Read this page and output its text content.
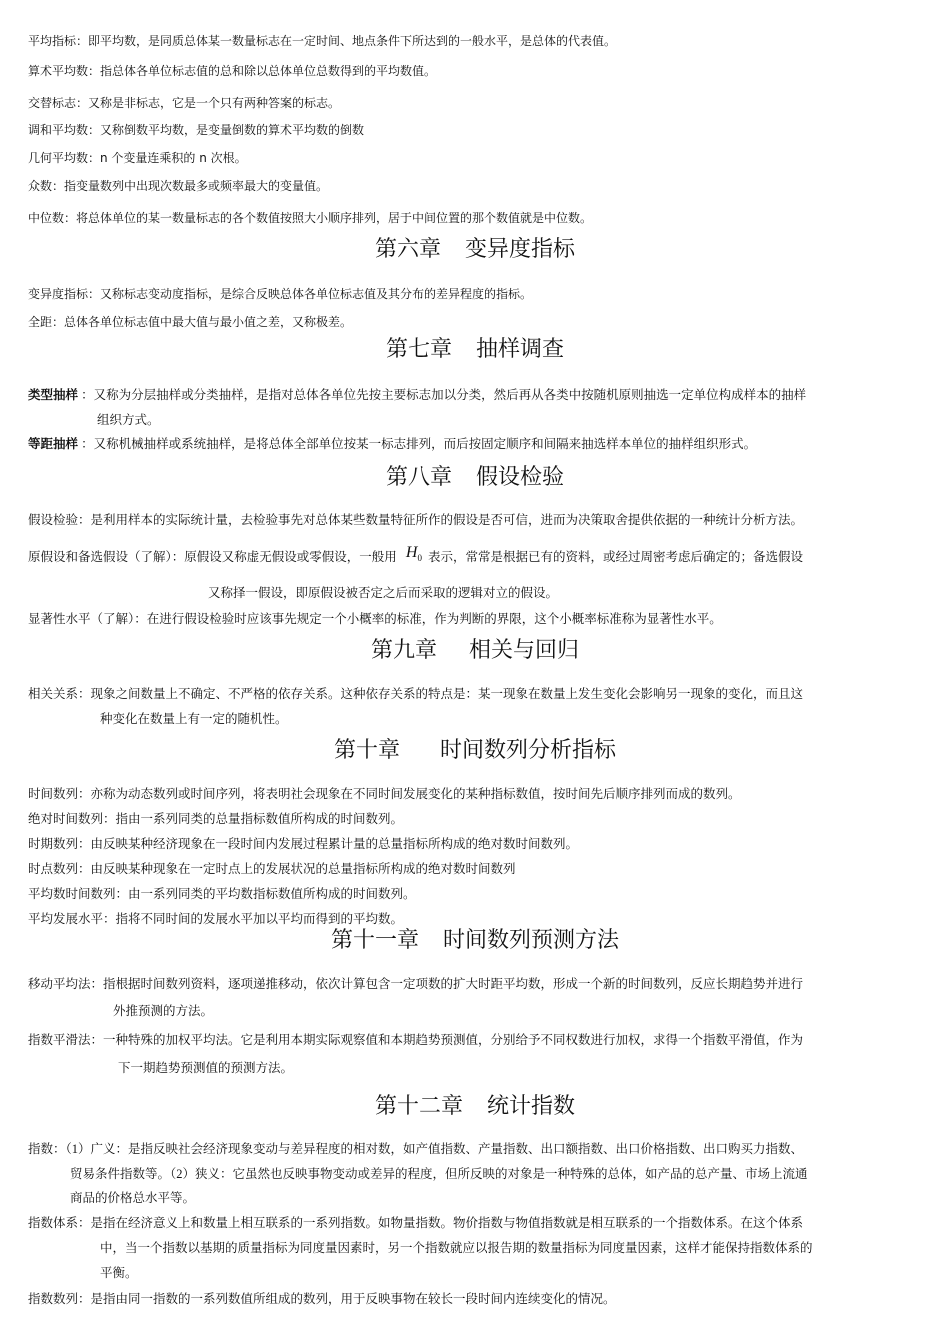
平均指标：即平均数，是同质总体某一数量标志在一定时间、地点条件下所达到的一般水平，是总体的代表值。
算术平均数：指总体各单位标志值的总和除以总体单位总数得到的平均数值。
交替标志：又称是非标志，它是一个只有两种答案的标志。
调和平均数：又称倒数平均数，是变量倒数的算术平均数的倒数
几何平均数：n 个变量连乘积的 n 次根。
众数：指变量数列中出现次数最多或频率最大的变量值。
中位数：将总体单位的某一数量标志的各个数值按照大小顺序排列，居于中间位置的那个数值就是中位数。
第六章 变异度指标
变异度指标：又称标志变动度指标，是综合反映总体各单位标志值及其分布的差异程度的指标。
全距：总体各单位标志值中最大值与最小值之差，又称极差。
第七章 抽样调查
类型抽样 ：又称为分层抽样或分类抽样，是指对总体各单位先按主要标志加以分类，然后再从各类中按随机原则抽选一定单位构成样本的抽样
组织方式。
等距抽样 ：又称机械抽样或系统抽样，是将总体全部单位按某一标志排列，而后按固定顺序和间隔来抽选样本单位的抽样组织形式。
第八章 假设检验
假设检验：是利用样本的实际统计量，去检验事先对总体某些数量特征所作的假设是否可信，进而为决策取舍提供依据的一种统计分析方法。
原假设和备选假设（了解）：原假设又称虚无假设或零假设，一般用 $H_0$ 表示，常常是根据已有的资料，或经过周密考虑后确定的；备选假设
又称择一假设，即原假设被否定之后而采取的逻辑对立的假设。
显著性水平（了解）：在进行假设检验时应该事先规定一个小概率的标准，作为判断的界限，这个小概率标准称为显著性水平。
第九章 相关与回归
相关关系：现象之间数量上不确定、不严格的依存关系。这种依存关系的特点是：某一现象在数量上发生变化会影响另一现象的变化，而且这
种变化在数量上有一定的随机性。
第十章 时间数列分析指标
时间数列：亦称为动态数列或时间序列，将表明社会现象在不同时间发展变化的某种指标数值，按时间先后顺序排列而成的数列。
绝对时间数列：指由一系列同类的总量指标数值所构成的时间数列。
时期数列：由反映某种经济现象在一段时间内发展过程累计量的总量指标所构成的绝对数时间数列。
时点数列：由反映某种现象在一定时点上的发展状况的总量指标所构成的绝对数时间数列
平均数时间数列：由一系列同类的平均数指标数值所构成的时间数列。
平均发展水平：指将不同时间的发展水平加以平均而得到的平均数。
第十一章 时间数列预测方法
移动平均法：指根据时间数列资料，逐项递推移动，依次计算包含一定项数的扩大时距平均数，形成一个新的时间数列，反应长期趋势并进行
外推预测的方法。
指数平滑法：一种特殊的加权平均法。它是利用本期实际观察值和本期趋势预测值，分别给予不同权数进行加权，求得一个指数平滑值，作为
下一期趋势预测值的预测方法。
第十二章 统计指数
指数：（1）广义：是指反映社会经济现象变动与差异程度的相对数，如产值指数、产量指数、出口额指数、出口价格指数、出口购买力指数、
贸易条件指数等。（2）狭义：它虽然也反映事物变动或差异的程度，但所反映的对象是一种特殊的总体，如产品的总产量、市场上流通
商品的价格总水平等。
指数体系：是指在经济意义上和数量上相互联系的一系列指数。如物量指数。物价指数与物值指数就是相互联系的一个指数体系。在这个体系
中，当一个指数以基期的质量指标为同度量因素时，另一个指数就应以报告期的数量指标为同度量因素，这样才能保持指数体系的
平衡。
指数数列：是指由同一指数的一系列数值所组成的数列，用于反映事物在较长一段时间内连续变化的情况。
